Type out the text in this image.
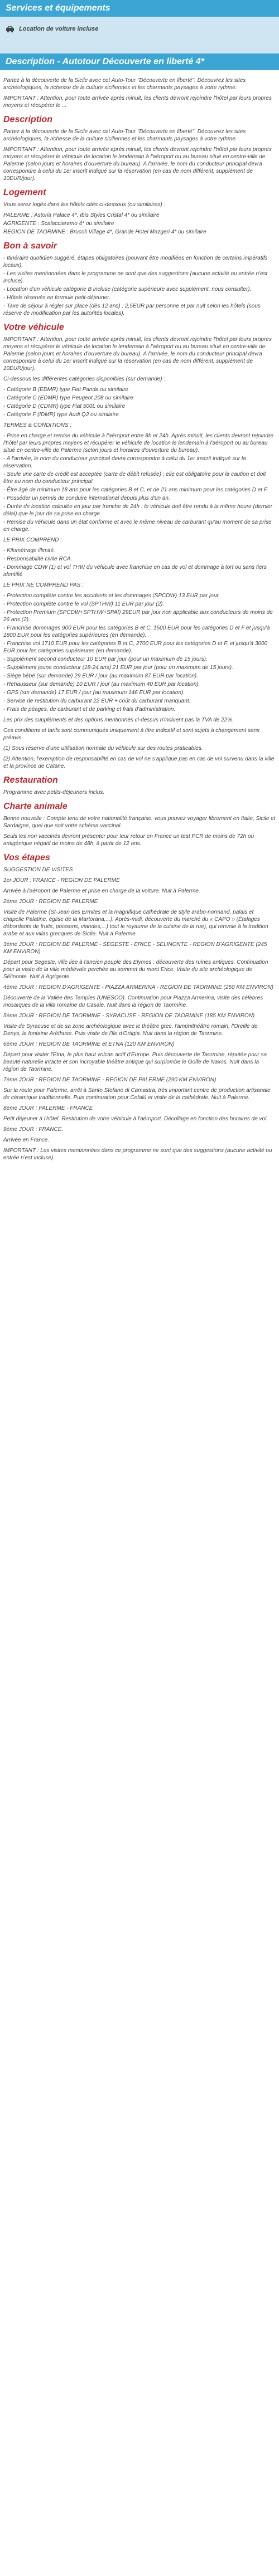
Services et équipements
Location de voiture incluse
Description - Autotour Découverte en liberté 4*

Partez à la découverte de la Sicile avec cet Auto-Tour "Découverte en liberté". Découvrez les sites archéologiques, la richesse de la culture siciliennes et les charmants paysages à votre rythme.

IMPORTANT : Attention, pour toute arrivée après minuit, les clients devront rejoindre l'hôtel par leurs propres moyens et récupérer le ...

Description

Partez à la découverte de la Sicile avec cet Auto-Tour "Découverte en liberté". Découvrez les sites archéologiques, la richesse de la culture siciliennes et les charmants paysages à votre rythme.

IMPORTANT : Attention, pour toute arrivée après minuit, les clients devront rejoindre l'hôtel par leurs propres moyens et récupérer le véhicule de location le lendemain à l'aéroport ou au bureau situé en centre-ville de Palerme (selon jours et horaires d'ouverture du bureau). A l'arrivée, le nom du conducteur principal devra correspondre à celui du 1er inscrit indiqué sur la réservation (en cas de nom différent, supplément de 10EUR/jour).

Logement

Vous serez logés dans les hôtels cités ci-dessous (ou similaires) :

PALERME : Astoria Palace 4*, Ibis Styles Cristal 4* ou similaire

AGRIGENTE : Scalacciaramo 4* ou similaire

REGION DE TAORMINE : Brucoli Village 4*, Grande Hotel Mazgeri 4* ou similaire

Bon à savoir

- Itinéraire quotidien suggéré, étapes obligatoires (pouvant être modifiées en fonction de certains impératifs locaux).

- Les visites mentionnées dans le programme ne sont que des suggestions (aucune activité ou entrée n'est incluse).

- Location d'un véhicule catégorie B incluse (catégorie supérieure avec supplément, nous consulter).

- Hôtels réservés en formule petit-déjeuner.

- Taxe de séjour à régler sur place (dès 12 ans) : 2,5EUR par personne et par nuit selon les hôtels (sous réserve de modification par les autorités locales).

Votre véhicule

IMPORTANT : Attention, pour toute arrivée après minuit, les clients devront rejoindre l'hôtel par leurs propres moyens et récupérer le véhicule de location le lendemain à l'aéroport ou au bureau situé en centre-ville de Palerme (selon jours et horaires d'ouverture du bureau). A l'arrivée, le nom du conducteur principal devra correspondre à celui du 1er inscrit indiqué sur la réservation (en cas de nom différent, supplément de 10EUR/jour).

Ci-dessous les différentes catégories disponibles (sur demande) :

- Catégorie B (EDMR) type Fiat Panda ou similaire

- Catégorie C (EDMR) type Peugeot 208 ou similaire

- Catégorie D (CDMR) type Fiat 500L ou similaire

- Catégorie F (IDMR) type Audi Q2 ou similaire

TERMES & CONDITIONS :

- Prise en charge et remise du véhicule à l'aéroport entre 8h et 24h. Après minuit, les clients devront rejoindre l'hôtel par leurs propres moyens et récupérer le véhicule de location le lendemain à l'aéroport ou au bureau situé en centre-ville de Palerme (selon jours et horaires d'ouverture du bureau).

- A l'arrivée, le nom du conducteur principal devra correspondre à celui du 1er inscrit indiqué sur la réservation.

- Seule une carte de crédit est acceptée (carte de débit refusée) : elle est obligatoire pour la caution et doit être au nom du conducteur principal.

- Être âgé de minimum 18 ans pour les catégories B et C, et de 21 ans minimum pour les catégories D et F.

- Posséder un permis de conduire international depuis plus d'un an.

- Durée de location calculée en jour par tranche de 24h : le véhicule doit être rendu à la même heure (dernier délai) que le jour de sa prise en charge.

- Remise du véhicule dans un état conforme et avec le même niveau de carburant qu'au moment de sa prise en charge.

LE PRIX COMPREND :

- Kilométrage illimité.

- Responsabilité civile RCA.

- Dommage CDW (1) et vol THW du véhicule avec franchise en cas de vol et dommage à tort ou sans tiers identifié

LE PRIX NE COMPREND PAS :

- Protection complète contre les accidents et les dommages (SPCDW) 13 EUR par jour.

- Protection complète contre le vol (SPTHW) 11 EUR par jour (2).

- Protection Premium (SPCDW+SPTHW+SPAI) 29EUR par jour non applicable aux conducteurs de moins de 26 ans (2).

- Franchise dommages 900 EUR pour les catégories B et C, 1500 EUR pour les catégories D et F et jusqu'à 1800 EUR pour les catégories supérieures (en demande).

- Franchise vol 1710 EUR pour les catégories B et C, 2700 EUR pour les catégories D et F, et jusqu'à 3000 EUR pour les catégories supérieures (en demande).

- Supplément second conducteur 10 EUR par jour (pour un maximum de 15 jours).

- Supplément jeune conducteur (18-24 ans) 21 EUR par jour (pour un maximum de 15 jours).

- Siège bébé (sur demande) 29 EUR / jour (au maximum 87 EUR par location).

- Rehausseur (sur demande) 10 EUR / jour (au maximum 40 EUR par location).

- GPS (sur demande) 17 EUR / jour (au maximum 146 EUR par location).

- Service de restitution du carburant 22 EUR + coût du carburant manquant.

- Frais de péages, de carburant et de parking et frais d'administration.

Les prix des suppléments et des options mentionnés ci-dessus n'incluent pas la TVA de 22%.

Ces conditions et tarifs sont communiqués uniquement à titre indicatif et sont sujets à changement sans préavis.

(1) Sous réserve d'une utilisation normale du véhicule sur des routes praticables.

(2) Attention, l'exemption de responsabilité en cas de vol ne s'applique pas en cas de vol survenu dans la ville et la province de Catane.

Restauration

Programme avec petits-déjeuners inclus.

Charte animale

Bonne nouvelle : Compte tenu de votre nationalité française, vous pouvez voyager librement en Italie, Sicile et Sardaigne, quel que soit votre schéma vaccinal.

Seuls les non vaccinés devront présenter pour leur retour en France un test PCR de moins de 72h ou antigénique négatif de moins de 48h, à partir de 12 ans.

Vos étapes

SUGGESTION DE VISITES

1er JOUR : FRANCE - REGION DE PALERME

Arrivée à l'aéroport de Palerme et prise en charge de la voiture. Nuit à Palerme.

2ème JOUR : REGION DE PALERME

Visite de Palerme (St-Jean des Ermites et la magnifique cathédrale de style arabo-normand, palais et chapelle Palatine, église de la Martorana,...). Après-midi, découverte du marché du « CAPO » (Étalages débordants de fruits, poissons, viandes,...) tout le royaume de la cuisine de la rue), qui renvoie à la tradition arabe et aux villas grecques de Sicile. Nuit à Palerme.

3ème JOUR : REGION DE PALERME - SEGESTE - ERICE - SELINONTE - REGION D'AGRIGENTE (245 KM ENVIRON)

Départ pour Segeste, ville liée à l'ancien peuple des Elymes : découverte des ruines antiques. Continuation pour la visite de la ville médiévale perchée au sommet du mont Erice. Visite du site archéologique de Sélinonte. Nuit à Agrigente.

4ème JOUR : REGION D'AGRIGENTE - PIAZZA ARMERINA - REGION DE TAORMINE (250 KM ENVIRON)

Découverte de la Vallée des Temples (UNESCO). Continuation pour Piazza Armerina, visite des célèbres mosaïques de la villa romaine du Casale. Nuit dans la région de Taormine.

5ème JOUR : REGION DE TAORMINE - SYRACUSE - REGION DE TAORMINE (185 KM ENVIRON)

Visite de Syracuse et de sa zone archéologique avec le théâtre grec, l'amphithéâtre romain, l'Oreille de Denys, la fontaine Aréthuse. Puis visite de l'île d'Ortigia. Nuit dans la région de Taormine.

6ème JOUR : REGION DE TAORMINE et ETNA (120 KM ENVIRON)

Départ pour visiter l'Etna, le plus haut volcan actif d'Europe. Puis découverte de Taormine, réputée pour sa beauté naturelle intacte et son incroyable théâtre antique qui surplombe le Golfe de Naxos. Nuit dans la région de Taormine.

7ème JOUR : REGION DE TAORMINE - REGION DE PALERME (290 KM ENVIRON)

Sur la route pour Palerme, arrêt à Santo Stefano di Camastra, très important centre de production artisanale de céramique traditionnelle. Puis continuation pour Cefalù et visite de la cathédrale. Nuit à Palerme.

8ème JOUR : PALERME - FRANCE

Petit déjeuner à l'hôtel. Restitution de votre véhicule à l'aéroport. Décollage en fonction des horaires de vol.

9ème JOUR : FRANCE.

Arrivée en France.

IMPORTANT : Les visites mentionnées dans ce programme ne sont que des suggestions (aucune activité ou entrée n'est incluse).
